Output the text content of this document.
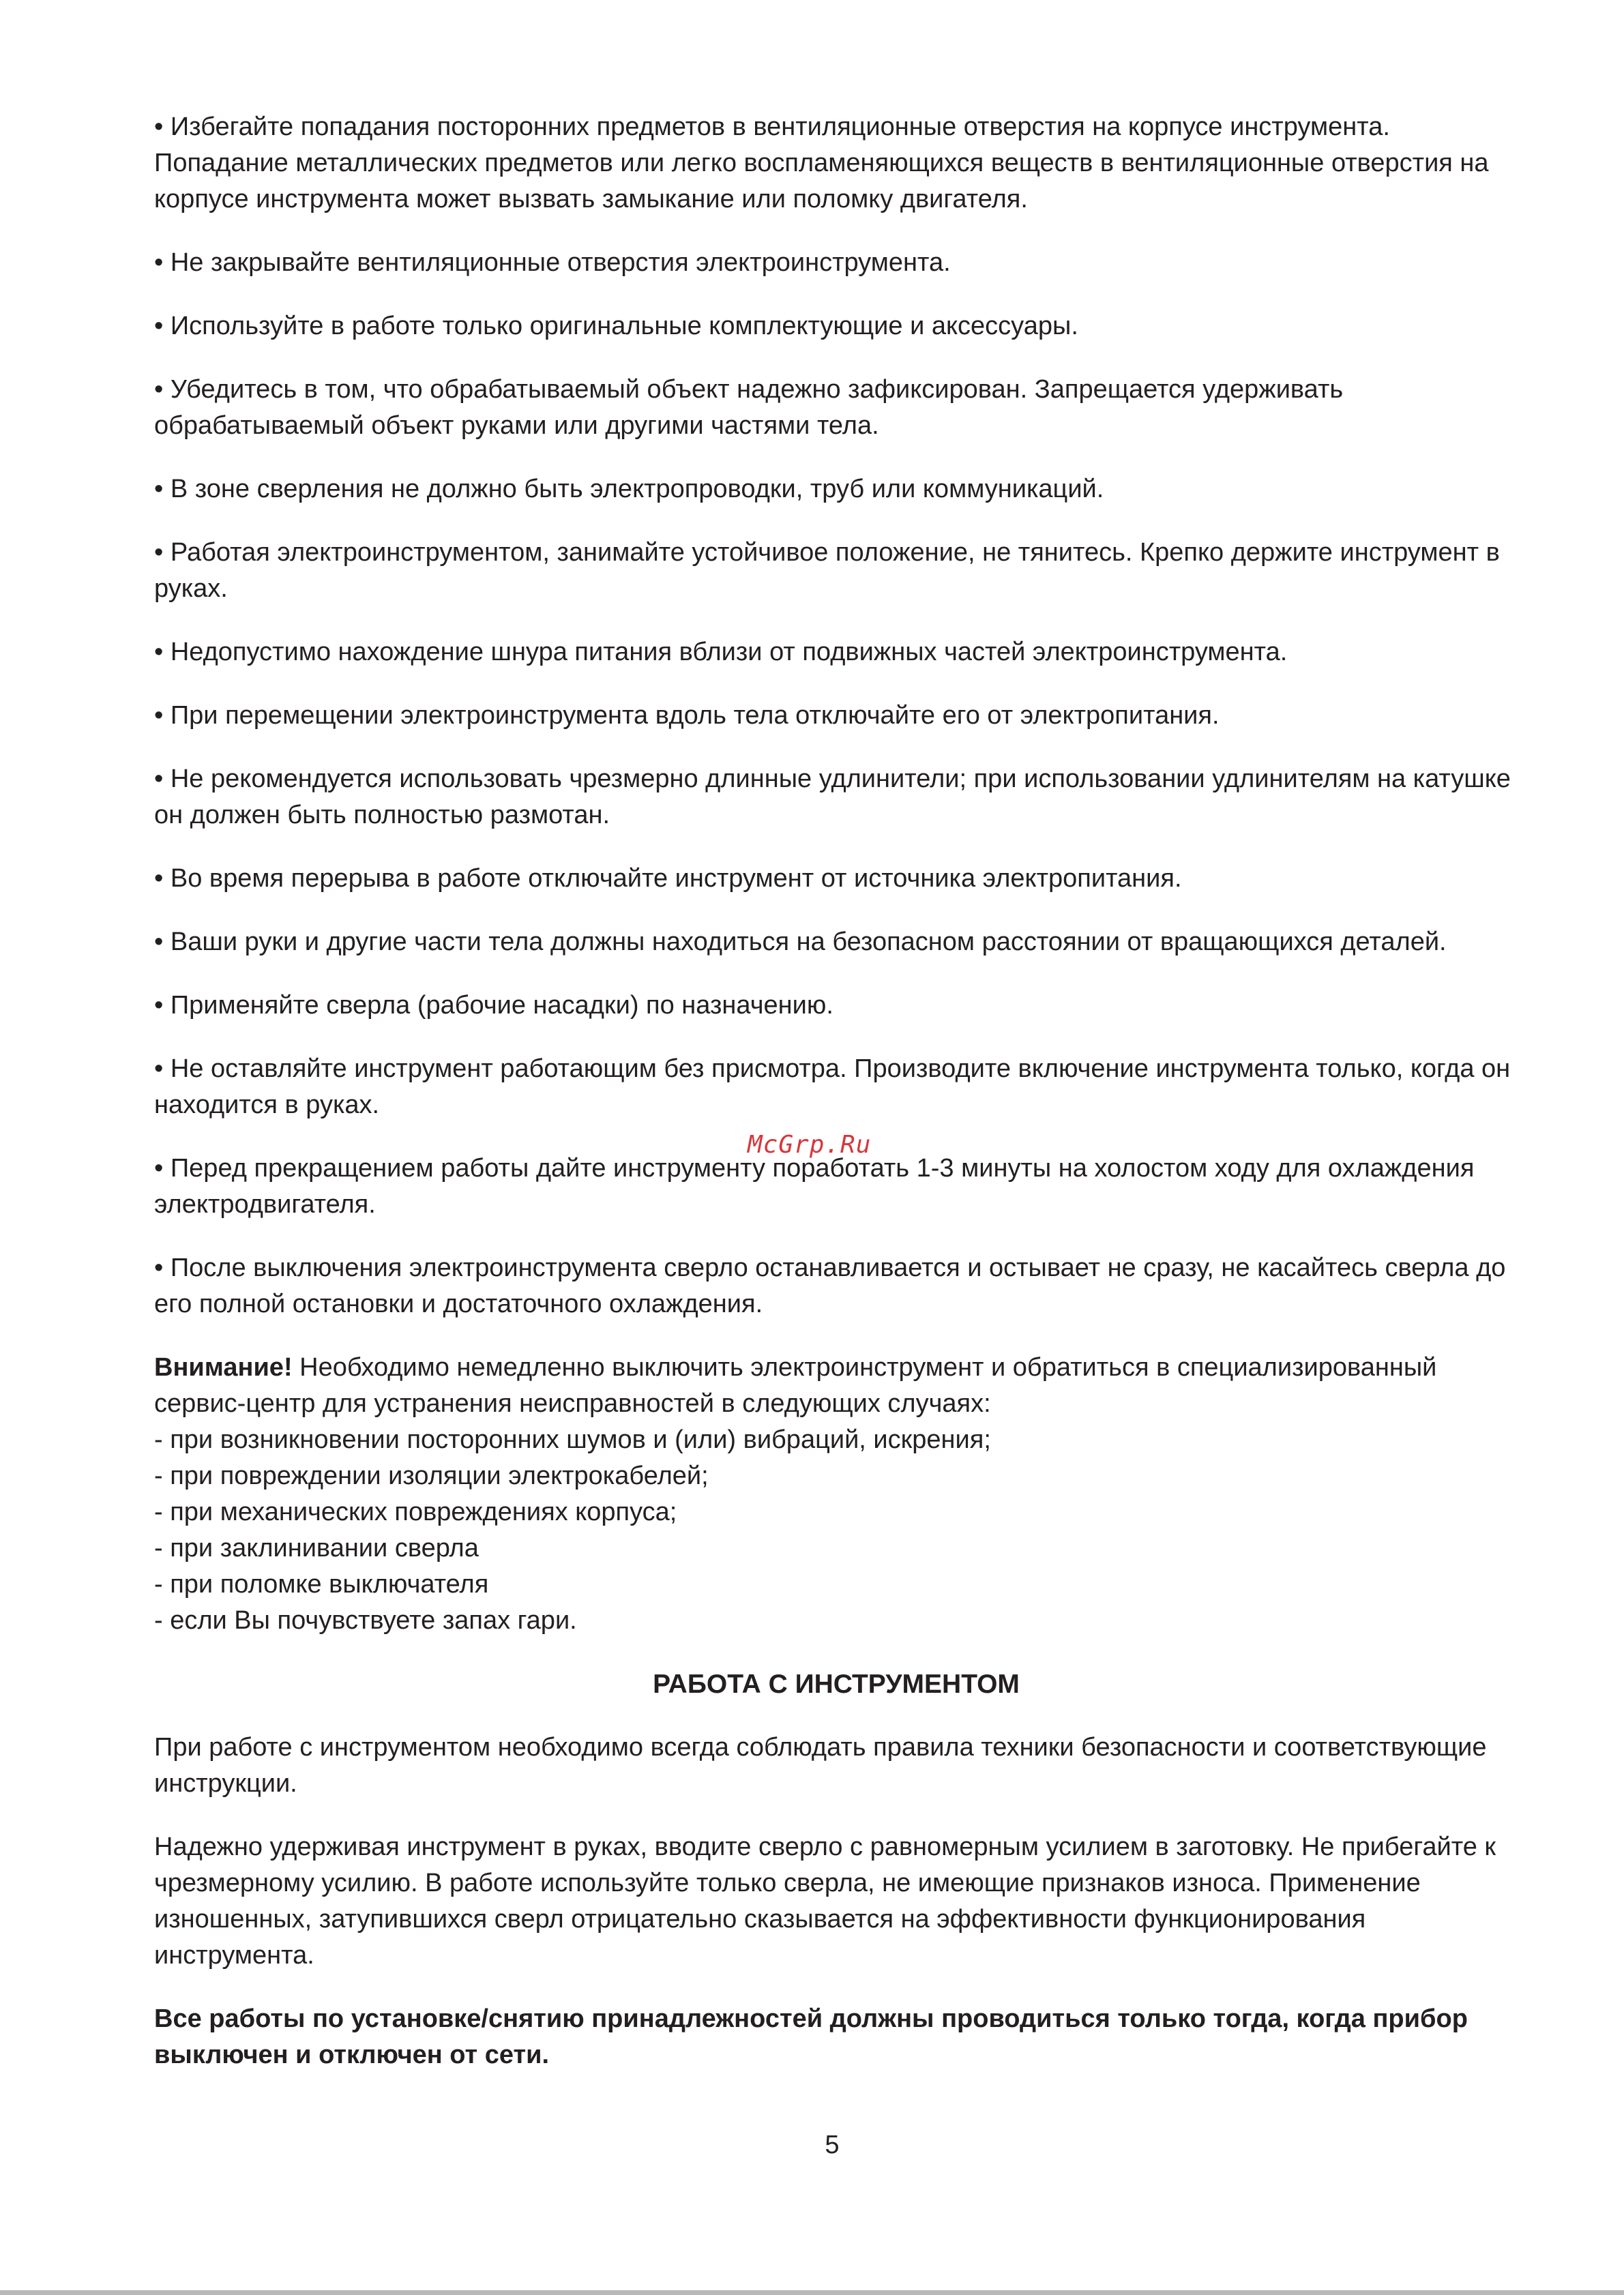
• Избегайте попадания посторонних предметов в вентиляционные отверстия на корпусе инструмента. Попадание металлических предметов или легко воспламеняющихся веществ в вентиляционные отверстия на корпусе инструмента может вызвать замыкание или поломку двигателя.

• Не закрывайте вентиляционные отверстия электроинструмента.

• Используйте в работе только оригинальные комплектующие и аксессуары.

• Убедитесь в том, что обрабатываемый объект надежно зафиксирован. Запрещается удерживать обрабатываемый объект руками или другими частями тела.

• В зоне сверления не должно быть электропроводки, труб или коммуникаций.

• Работая электроинструментом, занимайте устойчивое положение, не тянитесь. Крепко держите инструмент в руках.

• Недопустимо нахождение шнура питания вблизи от подвижных частей электроинструмента.

• При перемещении электроинструмента вдоль тела отключайте его от электропитания.

• Не рекомендуется использовать чрезмерно длинные удлинители; при использовании удлинителям на катушке он должен быть полностью размотан.

• Во время перерыва в работе отключайте инструмент от источника электропитания.

• Ваши руки и другие части тела должны находиться на безопасном расстоянии от вращающихся деталей.

• Применяйте сверла (рабочие насадки) по назначению.

• Не оставляйте инструмент работающим без присмотра. Производите включение инструмента только, когда он находится в руках.

• Перед прекращением работы дайте инструменту поработать 1-3 минуты на холостом ходу для охлаждения электродвигателя.

• После выключения электроинструмента сверло останавливается и остывает не сразу, не касайтесь сверла до его полной остановки и достаточного охлаждения.

Внимание! Необходимо немедленно выключить электроинструмент и обратиться в специализированный сервис-центр для устранения неисправностей в следующих случаях:
- при возникновении посторонних шумов и (или) вибраций, искрения;
- при повреждении изоляции электрокабелей;
- при механических повреждениях корпуса;
- при заклинивании сверла
- при поломке выключателя
- если Вы почувствуете запах гари.

РАБОТА С ИНСТРУМЕНТОМ

При работе с инструментом необходимо всегда соблюдать правила техники безопасности и соответствующие инструкции.

Надежно удерживая инструмент в руках, вводите сверло с равномерным усилием в заготовку. Не прибегайте к чрезмерному усилию. В работе используйте только сверла, не имеющие признаков износа. Применение изношенных, затупившихся сверл отрицательно сказывается на эффективности функционирования инструмента.

Все работы по установке/снятию принадлежностей должны проводиться только тогда, когда прибор выключен и отключен от сети.

McGrp.Ru
5
